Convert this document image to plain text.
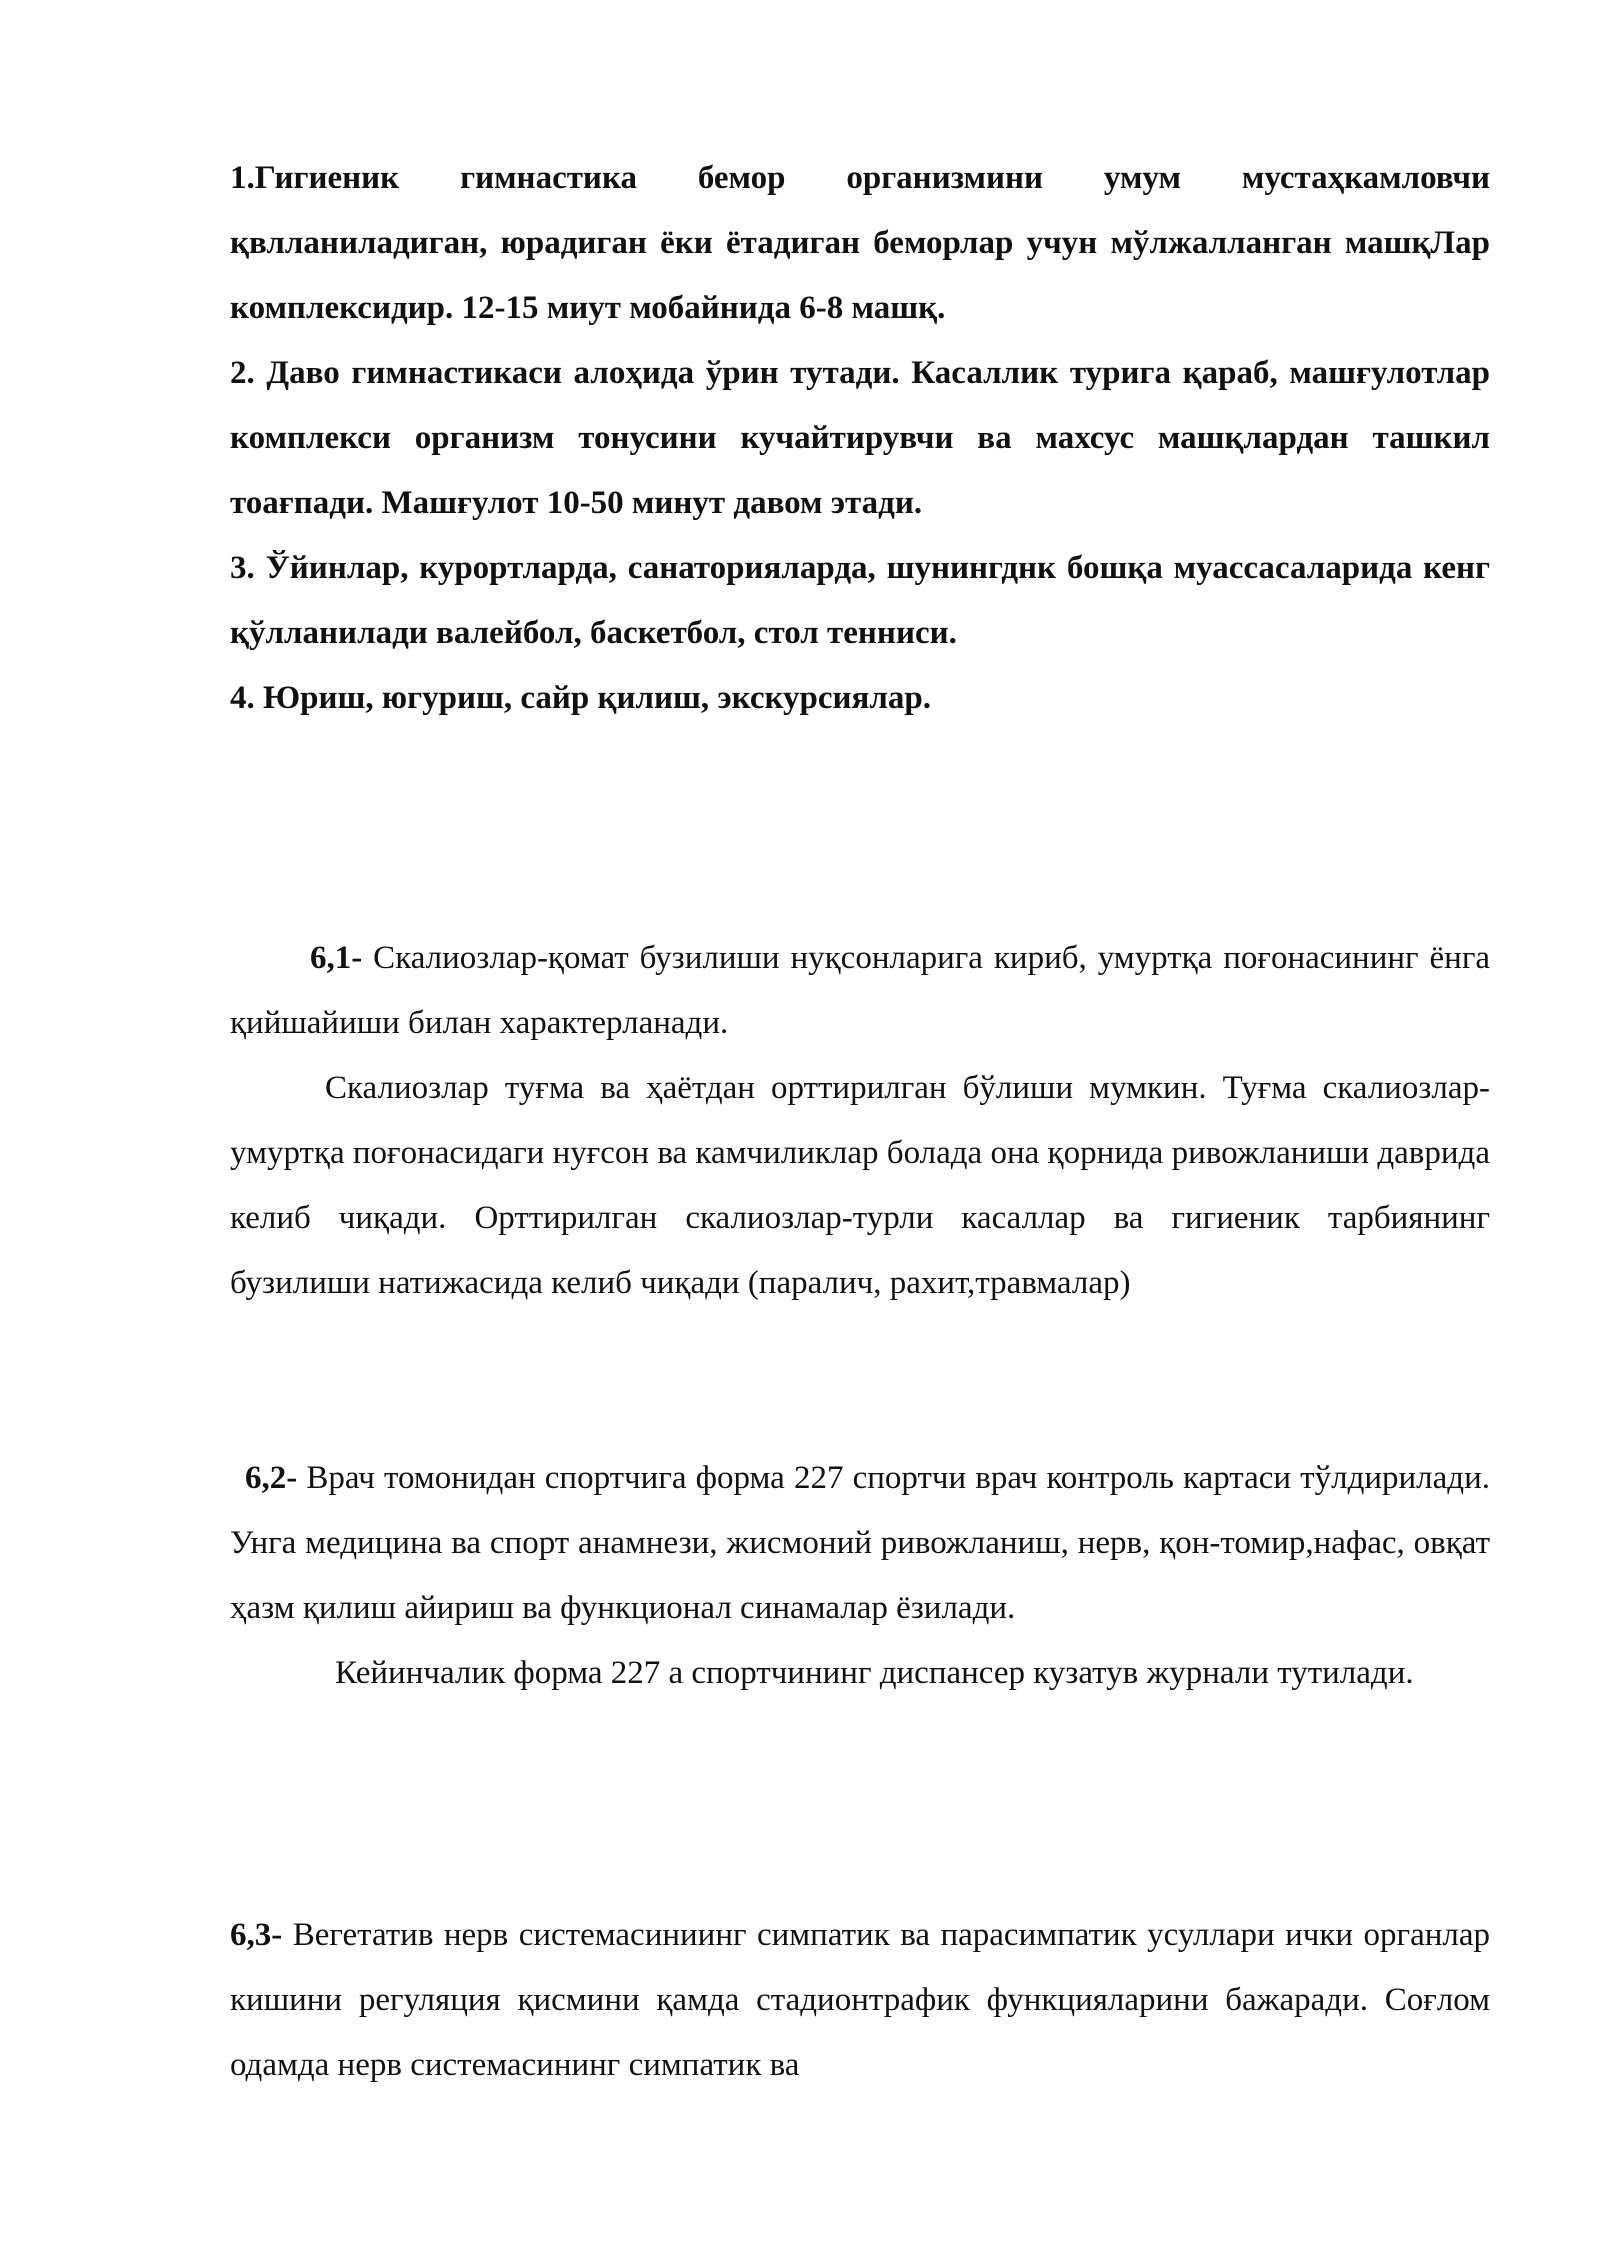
1.Гигиеник гимнастика бемор организмини умум мустаҳкамловчи қвлланиладиган, юрадиган ёки ётадиган беморлар учун мўлжалланган машқЛар комплексидир. 12-15 миут мобайнида 6-8 машқ.

2. Даво гимнастикаси алоҳида ўрин тутади. Касаллик турига қараб, машғулотлар комплекси организм тонусини кучайтирувчи ва махсус машқлардан ташкил тоағпади. Машғулот 10-50 минут давом этади.

3. Ўйинлар, курортларда, санаторияларда, шунингднк бошқа муассасаларида кенг қўлланилади валейбол, баскетбол, стол тенниси.

4. Юриш, югуриш, сайр қилиш, экскурсиялар.

6,1- Скалиозлар-қомат бузилиши нуқсонларига кириб, умуртқа поғонасининг ёнга қийшайиши билан характерланади.

Скалиозлар туғма ва ҳаётдан орттирилган бўлиши мумкин. Туғма скалиозлар-умуртқа поғонасидаги нуғсон ва камчиликлар болада она қорнида ривожланиши даврида келиб чиқади. Орттирилган скалиозлар-турли касаллар ва гигиеник тарбиянинг бузилиши натижасида келиб чиқади (паралич, рахит,травмалар)

6,2- Врач томонидан спортчига форма 227 спортчи врач контроль картаси тўлдирилади. Унга медицина ва спорт анамнези, жисмоний ривожланиш, нерв, қон-томир,нафас, овқат ҳазм қилиш айириш ва функционал синамалар ёзилади.

Кейинчалик форма 227 а спортчининг диспансер кузатув журнали тутилади.

6,3- Вегетатив нерв системасиниинг симпатик ва парасимпатик усуллари ички органлар кишини регуляция қисмини қамда стадионтрафик функцияларини бажаради. Соғлом одамда нерв системасининг симпатик ва
